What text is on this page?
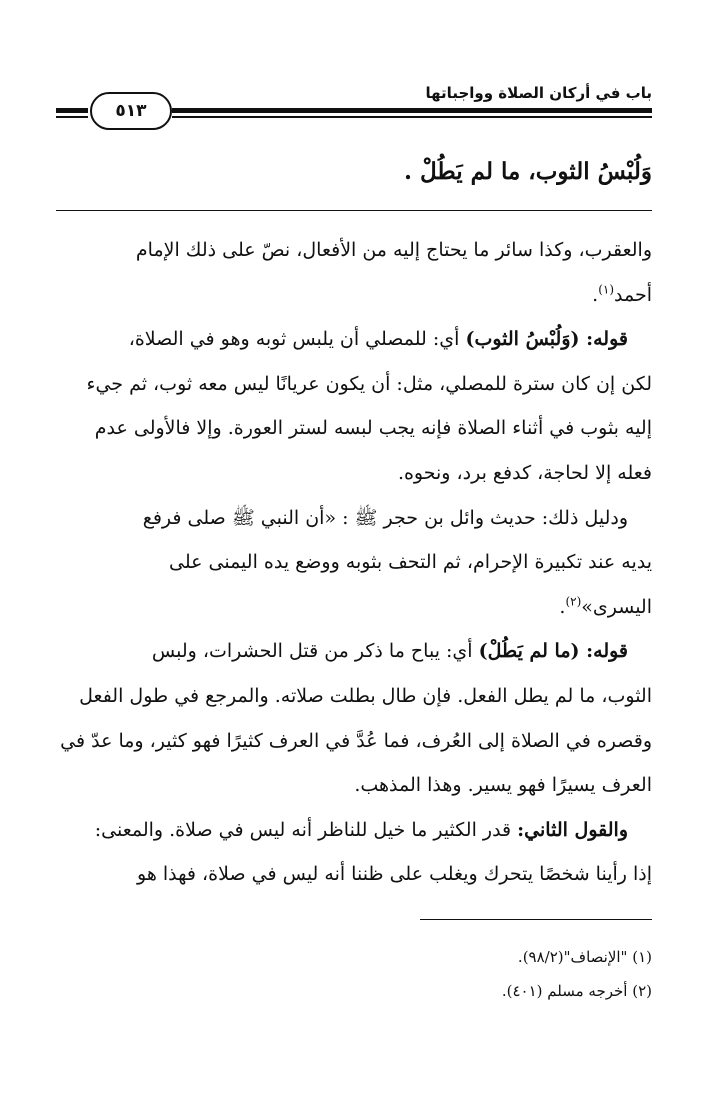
باب في أركان الصلاة وواجباتها
٥١٣
وَلُبْسُ الثوب، ما لم يَطُلْ .

والعقرب، وكذا سائر ما يحتاج إليه من الأفعال، نصّ على ذلك الإمام
أحمد$^{(١)}$.

قوله: (وَلُبْسُ الثوب) أي: للمصلي أن يلبس ثوبه وهو في الصلاة،
لكن إن كان سترة للمصلي، مثل: أن يكون عريانًا ليس معه ثوب، ثم جيء
إليه بثوب في أثناء الصلاة فإنه يجب لبسه لستر العورة. وإلا فالأولى عدم
فعله إلا لحاجة، كدفع برد، ونحوه.

ودليل ذلك: حديث وائل بن حجر ﷺ : «أن النبي ﷺ صلى فرفع
يديه عند تكبيرة الإحرام، ثم التحف بثوبه ووضع يده اليمنى على
اليسرى»$^{(٢)}$.

قوله: (ما لم يَطُلْ) أي: يباح ما ذكر من قتل الحشرات، ولبس
الثوب، ما لم يطل الفعل. فإن طال بطلت صلاته. والمرجع في طول الفعل
وقصره في الصلاة إلى العُرف، فما عُدَّ في العرف كثيرًا فهو كثير، وما عدّ في
العرف يسيرًا فهو يسير. وهذا المذهب.

والقول الثاني: قدر الكثير ما خيل للناظر أنه ليس في صلاة. والمعنى:
إذا رأينا شخصًا يتحرك ويغلب على ظننا أنه ليس في صلاة، فهذا هو

(١) "الإنصاف"(٩٨/٢).
(٢) أخرجه مسلم (٤٠١).
